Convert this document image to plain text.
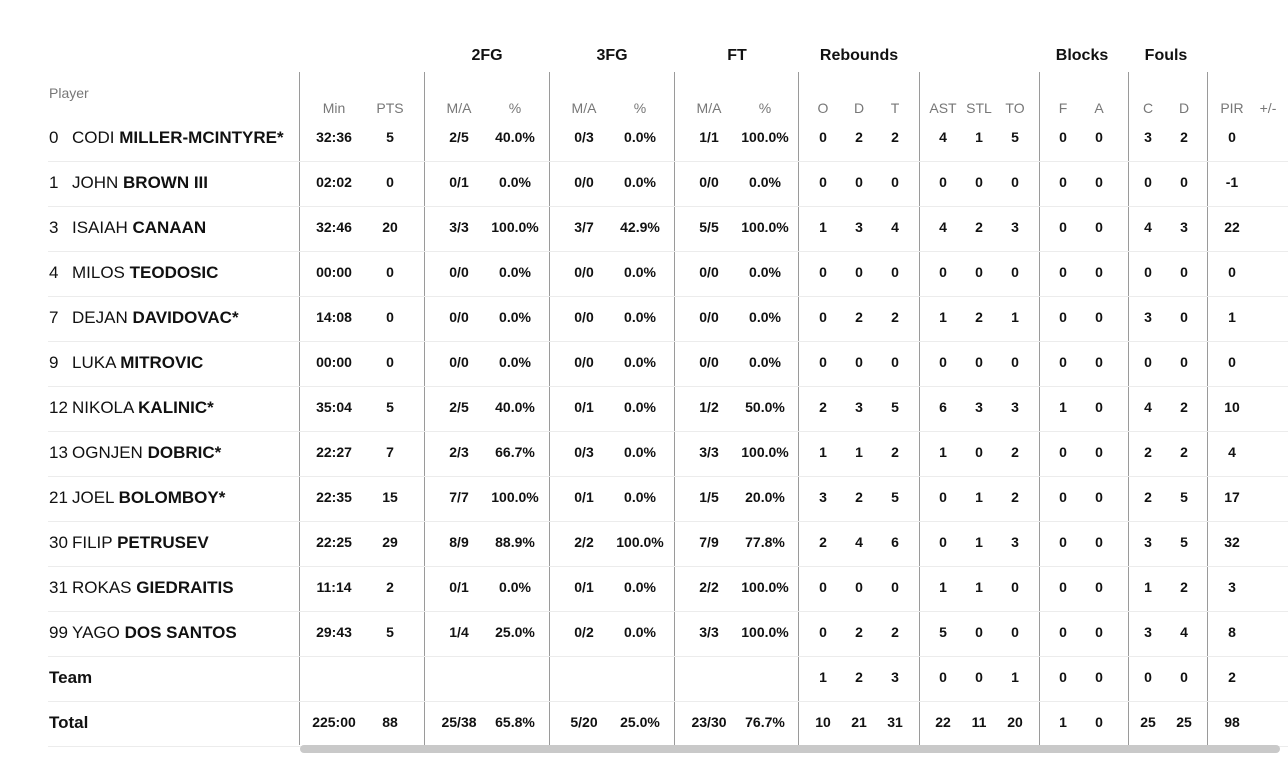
2FG	3FG	FT	Rebounds	Blocks Fouls
Player
Min PTS	M/A	%	M/A	%	M/A	%	O D T AST STL TO F A	C D PIR +/-
0 CODI MILLER-MCINTYRE* 32:36 5	2/5 40.0%	0/3 0.0%	1/1 100.0% 0 2 2	4 1 5	0 0	3 2	0
1 JOHN BROWN III	02:02 0	0/1 0.0%	0/0 0.0%	0/0 0.0%	0 0 0	0 0 0	0 0	0 0	-1
3 ISAIAH CANAAN	32:46 20	3/3 100.0%	3/7 42.9%	5/5 100.0% 1 3 4	4 2 3	0 0	4 3	22
4 MILOS TEODOSIC	00:00 0	0/0 0.0%	0/0 0.0%	0/0 0.0%	0 0 0	0 0 0	0 0	0 0	0
7 DEJAN DAVIDOVAC*	14:08 0	0/0 0.0%	0/0 0.0%	0/0 0.0%	0 2 2	1 2 1	0 0	3 0	1
9 LUKA MITROVIC	00:00 0	0/0 0.0%	0/0 0.0%	0/0 0.0%	0 0 0	0 0 0	0 0	0 0	0
12 NIKOLA KALINIC*	35:04 5	2/5 40.0%	0/1 0.0%	1/2 50.0% 2 3 5	6 3 3	1 0	4 2	10
13 OGNJEN DOBRIC*	22:27 7	2/3 66.7%	0/3 0.0%	3/3 100.0% 1 1 2	1 0 2	0 0	2 2	4
21 JOEL BOLOMBOY*	22:35 15	7/7 100.0%	0/1 0.0%	1/5 20.0% 3 2 5	0 1 2	0 0	2 5	17
30 FILIP PETRUSEV	22:25 29	8/9 88.9%	2/2 100.0%	7/9 77.8% 2 4 6	0 1 3	0 0	3 5	32
31 ROKAS GIEDRAITIS	11:14 2	0/1 0.0%	0/1 0.0%	2/2 100.0% 0 0 0	1 1 0	0 0	1 2	3
99 YAGO DOS SANTOS	29:43 5	1/4 25.0%	0/2 0.0%	3/3 100.0% 0 2 2	5 0 0	0 0	3 4	8
Team	1 2 3	0 0 1	0 0	0 0	2
Total	225:00 88	25/38 65.8%	5/20 25.0% 23/30 76.7% 10 21 31 22 11 20	1 0	25 25 98
